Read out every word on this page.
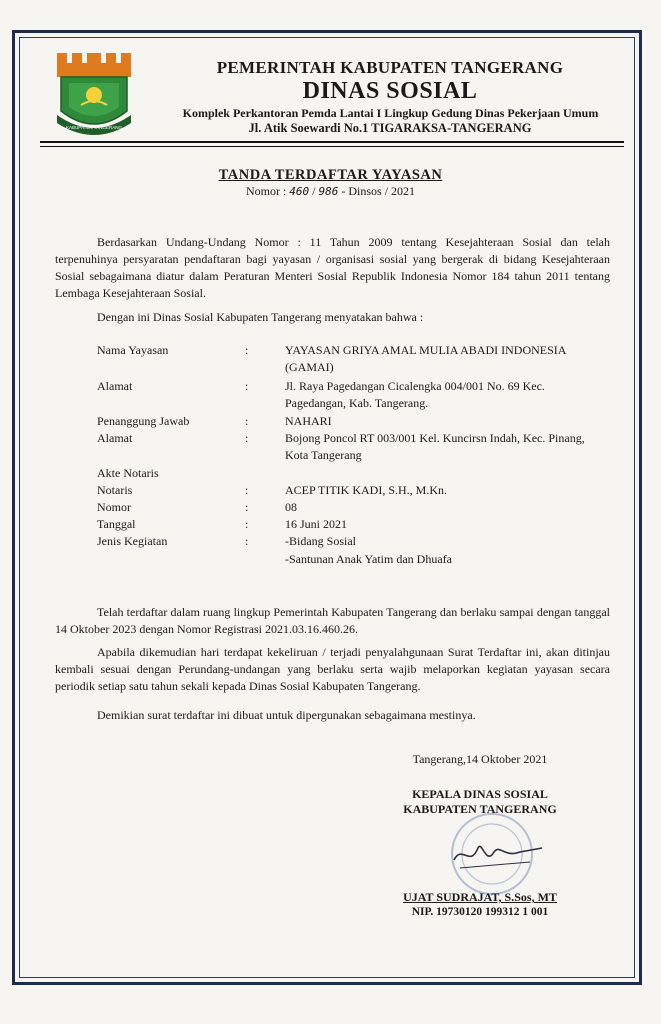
KABUPATEN TANGERANG
PEMERINTAH KABUPATEN TANGERANG
DINAS SOSIAL
Komplek Perkantoran Pemda Lantai I Lingkup Gedung Dinas Pekerjaan Umum
Jl. Atik Soewardi No.1 TIGARAKSA-TANGERANG
TANDA TERDAFTAR YAYASAN
Nomor : 460 / 986 - Dinsos / 2021
Berdasarkan Undang-Undang Nomor : 11 Tahun 2009 tentang Kesejahteraan Sosial dan telah terpenuhinya persyaratan pendaftaran bagi yayasan / organisasi sosial yang bergerak di bidang Kesejahteraan Sosial sebagaimana diatur dalam Peraturan Menteri Sosial Republik Indonesia Nomor 184 tahun 2011 tentang Lembaga Kesejahteraan Sosial.
Dengan ini Dinas Sosial Kabupaten Tangerang menyatakan bahwa :
Nama Yayasan	:	YAYASAN GRIYA AMAL MULIA ABADI INDONESIA (GAMAI)
Alamat	:	Jl. Raya Pagedangan Cicalengka 004/001 No. 69 Kec. Pagedangan, Kab. Tangerang.
Penanggung Jawab	:	NAHARI
Alamat	:	Bojong Poncol RT 003/001 Kel. Kuncirsn Indah, Kec. Pinang, Kota Tangerang
Akte Notaris
Notaris	:	ACEP TITIK KADI, S.H., M.Kn.
Nomor	:	08
Tanggal	:	16 Juni 2021
Jenis Kegiatan	:	-Bidang Sosial
-Santunan Anak Yatim dan Dhuafa
Telah terdaftar dalam ruang lingkup Pemerintah Kabupaten Tangerang dan berlaku sampai dengan tanggal 14 Oktober 2023 dengan Nomor Registrasi 2021.03.16.460.26.
Apabila dikemudian hari terdapat kekeliruan / terjadi penyalahgunaan Surat Terdaftar ini, akan ditinjau kembali sesuai dengan Perundang-undangan yang berlaku serta wajib melaporkan kegiatan yayasan secara periodik setiap satu tahun sekali kepada Dinas Sosial Kabupaten Tangerang.
Demikian surat terdaftar ini dibuat untuk dipergunakan sebagaimana mestinya.
Tangerang,14 Oktober 2021
KEPALA DINAS SOSIAL
KABUPATEN TANGERANG
UJAT SUDRAJAT, S.Sos, MT
NIP. 19730120 199312 1 001
